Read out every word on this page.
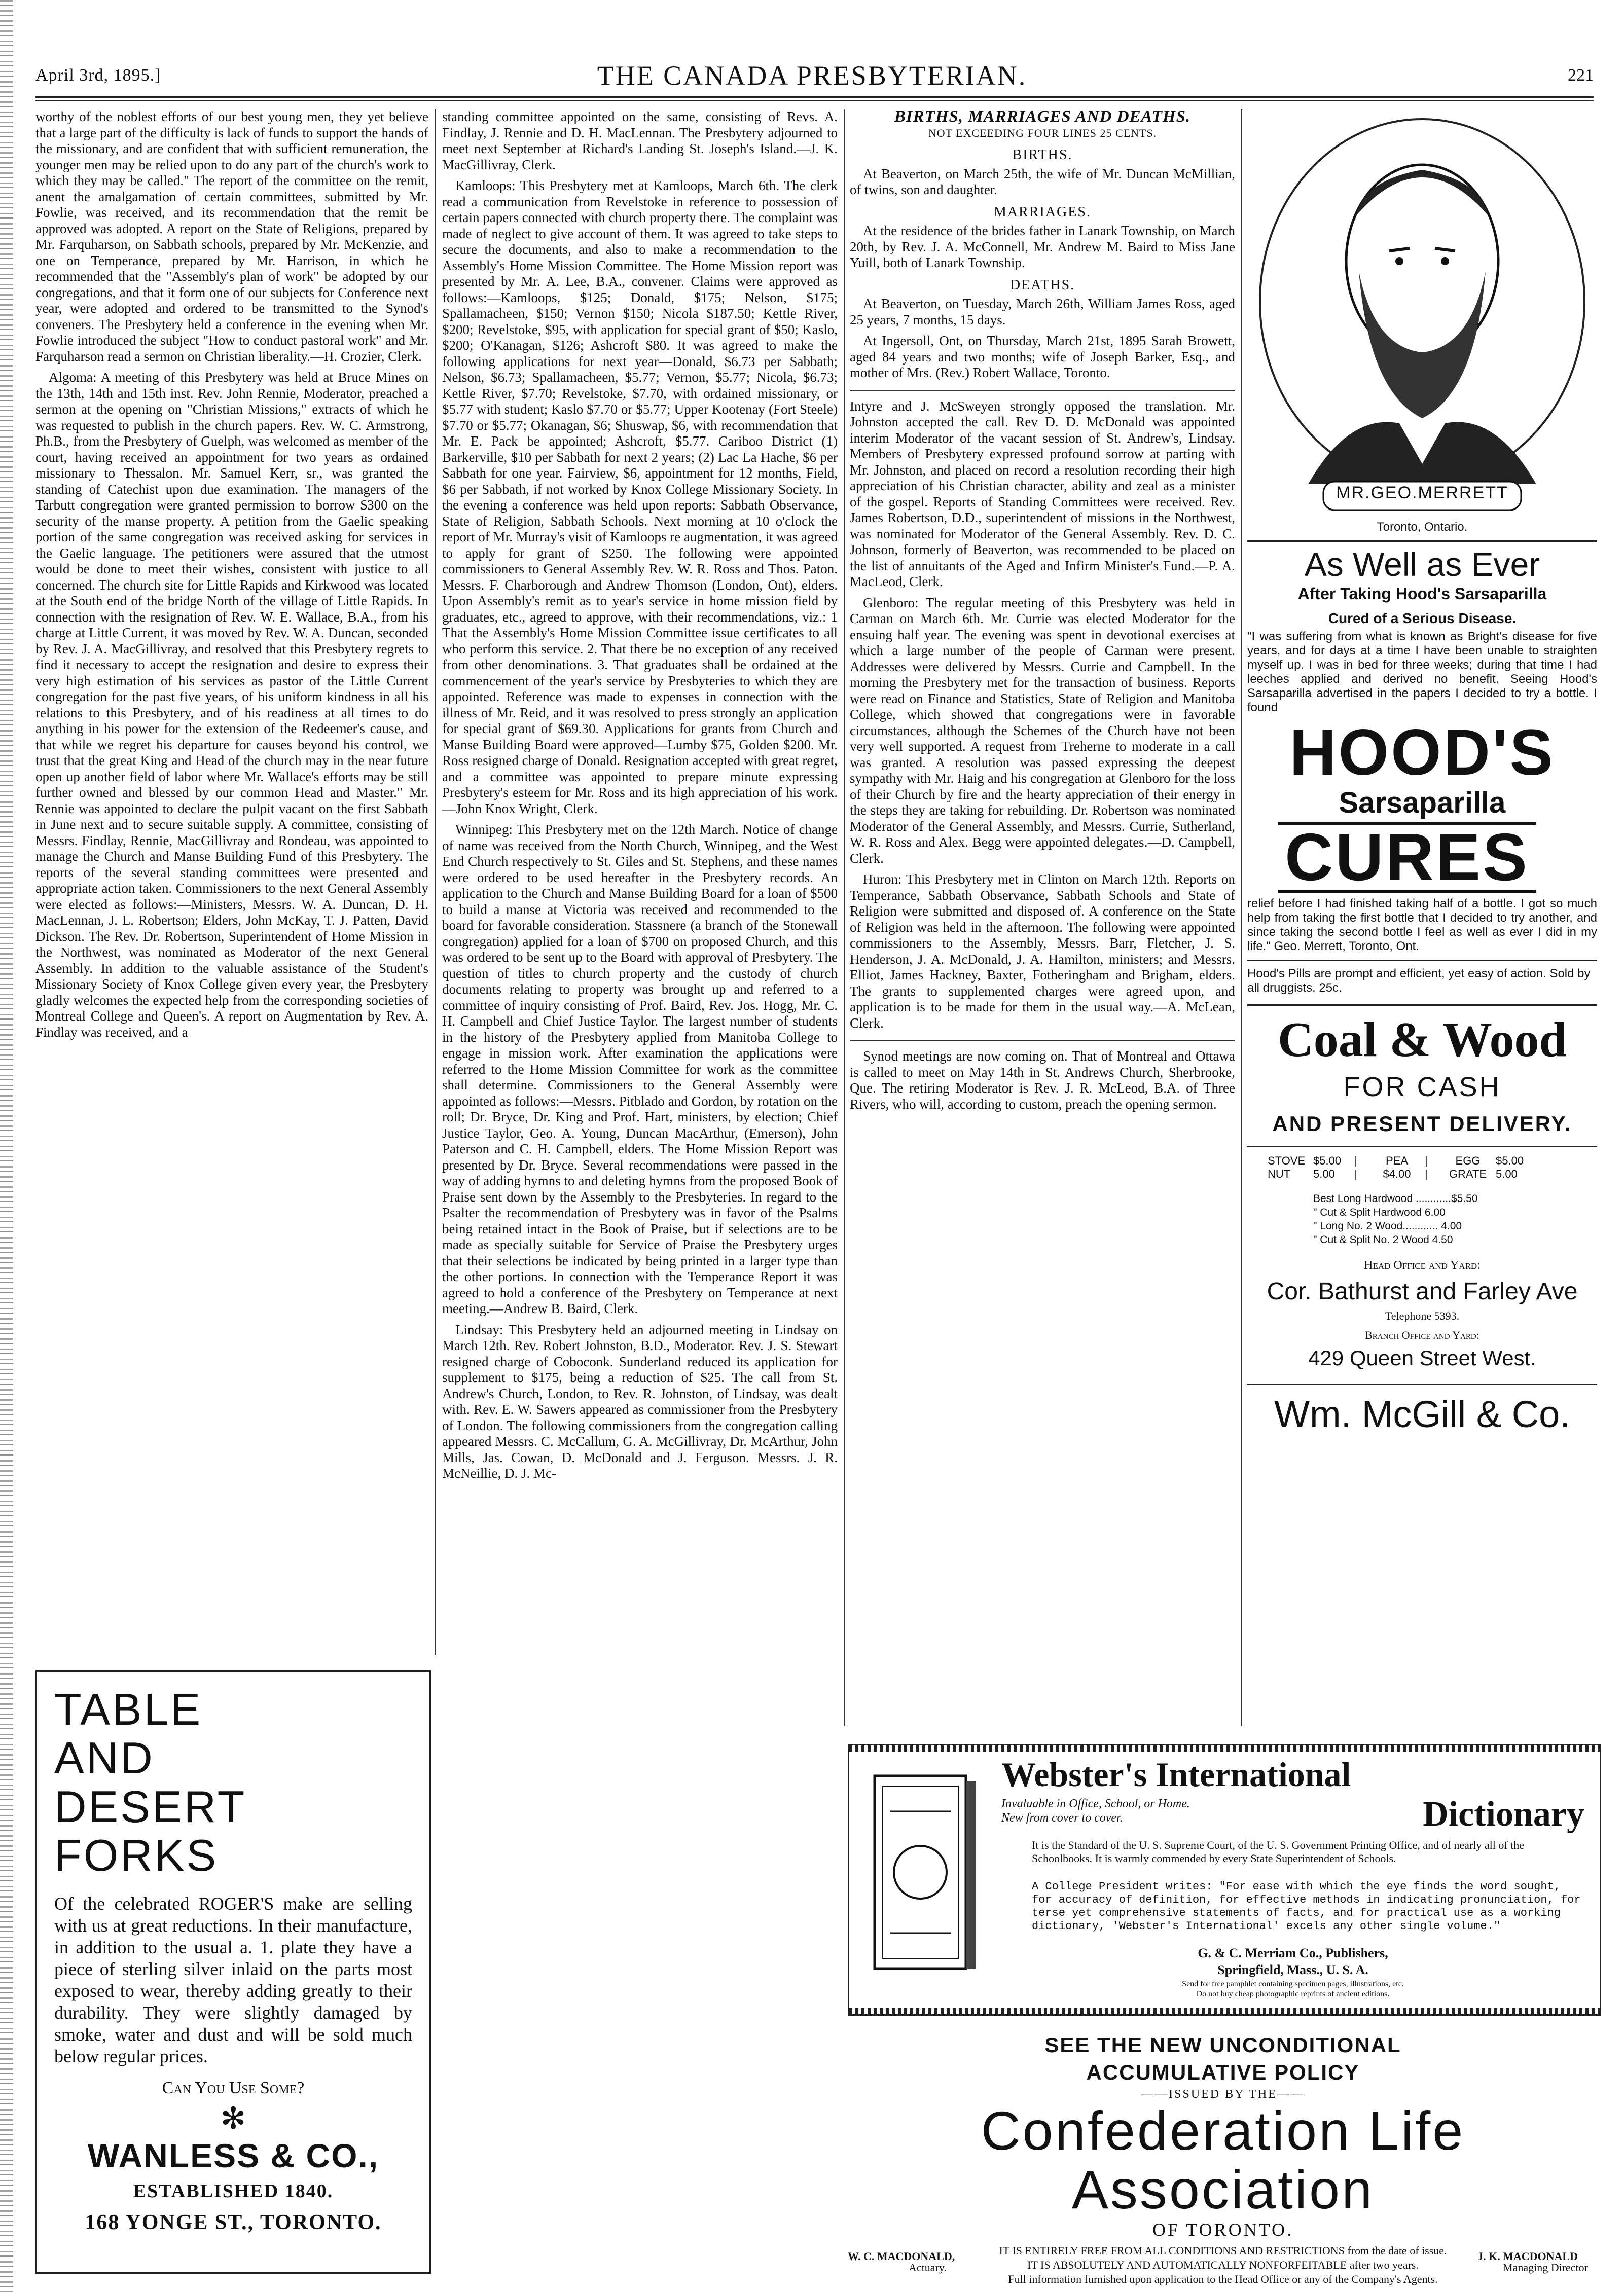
April 3rd, 1895.]	THE CANADA PRESBYTERIAN.	221

worthy of the noblest efforts of our best young men, they yet believe that a large part of the difficulty is lack of funds to support the hands of the missionary, and are confident that with sufficient remuneration, the younger men may be relied upon to do any part of the church's work to which they may be called." The report of the committee on the remit, anent the amalgamation of certain committees, submitted by Mr. Fowlie, was received, and its recommendation that the remit be approved was adopted. A report on the State of Religions, prepared by Mr. Farquharson, on Sabbath schools, prepared by Mr. McKenzie, and one on Temperance, prepared by Mr. Harrison, in which he recommended that the "Assembly's plan of work" be adopted by our congregations, and that it form one of our subjects for Conference next year, were adopted and ordered to be transmitted to the Synod's conveners. The Presbytery held a conference in the evening when Mr. Fowlie introduced the subject "How to conduct pastoral work" and Mr. Farquharson read a sermon on Christian liberality.—H. Crozier, Clerk.

Algoma: A meeting of this Presbytery was held at Bruce Mines on the 13th, 14th and 15th inst. Rev. John Rennie, Moderator, preached a sermon at the opening on "Christian Missions," extracts of which he was requested to publish in the church papers. Rev. W. C. Armstrong, Ph.B., from the Presbytery of Guelph, was welcomed as member of the court, having received an appointment for two years as ordained missionary to Thessalon. Mr. Samuel Kerr, sr., was granted the standing of Catechist upon due examination. The managers of the Tarbutt congregation were granted permission to borrow $300 on the security of the manse property. A petition from the Gaelic speaking portion of the same congregation was received asking for services in the Gaelic language. The petitioners were assured that the utmost would be done to meet their wishes, consistent with justice to all concerned. The church site for Little Rapids and Kirkwood was located at the South end of the bridge North of the village of Little Rapids. In connection with the resignation of Rev. W. E. Wallace, B.A., from his charge at Little Current, it was moved by Rev. W. A. Duncan, seconded by Rev. J. A. MacGillivray, and resolved that this Presbytery regrets to find it necessary to accept the resignation and desire to express their very high estimation of his services as pastor of the Little Current congregation for the past five years, of his uniform kindness in all his relations to this Presbytery, and of his readiness at all times to do anything in his power for the extension of the Redeemer's cause, and that while we regret his departure for causes beyond his control, we trust that the great King and Head of the church may in the near future open up another field of labor where Mr. Wallace's efforts may be still further owned and blessed by our common Head and Master." Mr. Rennie was appointed to declare the pulpit vacant on the first Sabbath in June next and to secure suitable supply. A committee, consisting of Messrs. Findlay, Rennie, MacGillivray and Rondeau, was appointed to manage the Church and Manse Building Fund of this Presbytery. The reports of the several standing committees were presented and appropriate action taken. Commissioners to the next General Assembly were elected as follows:—Ministers, Messrs. W. A. Duncan, D. H. MacLennan, J. L. Robertson; Elders, John McKay, T. J. Patten, David Dickson. The Rev. Dr. Robertson, Superintendent of Home Mission in the Northwest, was nominated as Moderator of the next General Assembly. In addition to the valuable assistance of the Student's Missionary Society of Knox College given every year, the Presbytery gladly welcomes the expected help from the corresponding societies of Montreal College and Queen's. A report on Augmentation by Rev. A. Findlay was received, and a

TABLE
AND
DESERT
FORKS
Of the celebrated ROGER'S make are selling with us at great reductions. In their manufacture, in addition to the usual a. 1. plate they have a piece of sterling silver inlaid on the parts most exposed to wear, thereby adding greatly to their durability. They were slightly damaged by smoke, water and dust and will be sold much below regular prices.
Can You Use Some?
✻
WANLESS & CO.,
ESTABLISHED 1840.
168 YONGE ST., TORONTO.

standing committee appointed on the same, consisting of Revs. A. Findlay, J. Rennie and D. H. MacLennan. The Presbytery adjourned to meet next September at Richard's Landing St. Joseph's Island.—J. K. MacGillivray, Clerk.

Kamloops: This Presbytery met at Kamloops, March 6th. The clerk read a communication from Revelstoke in reference to possession of certain papers connected with church property there. The complaint was made of neglect to give account of them. It was agreed to take steps to secure the documents, and also to make a recommendation to the Assembly's Home Mission Committee. The Home Mission report was presented by Mr. A. Lee, B.A., convener. Claims were approved as follows:—Kamloops, $125; Donald, $175; Nelson, $175; Spallamacheen, $150; Vernon $150; Nicola $187.50; Kettle River, $200; Revelstoke, $95, with application for special grant of $50; Kaslo, $200; O'Kanagan, $126; Ashcroft $80. It was agreed to make the following applications for next year—Donald, $6.73 per Sabbath; Nelson, $6.73; Spallamacheen, $5.77; Vernon, $5.77; Nicola, $6.73; Kettle River, $7.70; Revelstoke, $7.70, with ordained missionary, or $5.77 with student; Kaslo $7.70 or $5.77; Upper Kootenay (Fort Steele) $7.70 or $5.77; Okanagan, $6; Shuswap, $6, with recommendation that Mr. E. Pack be appointed; Ashcroft, $5.77. Cariboo District (1) Barkerville, $10 per Sabbath for next 2 years; (2) Lac La Hache, $6 per Sabbath for one year. Fairview, $6, appointment for 12 months, Field, $6 per Sabbath, if not worked by Knox College Missionary Society. In the evening a conference was held upon reports: Sabbath Observance, State of Religion, Sabbath Schools. Next morning at 10 o'clock the report of Mr. Murray's visit of Kamloops re augmentation, it was agreed to apply for grant of $250. The following were appointed commissioners to General Assembly Rev. W. R. Ross and Thos. Paton. Messrs. F. Charborough and Andrew Thomson (London, Ont), elders. Upon Assembly's remit as to year's service in home mission field by graduates, etc., agreed to approve, with their recommendations, viz.: 1 That the Assembly's Home Mission Committee issue certificates to all who perform this service. 2. That there be no exception of any received from other denominations. 3. That graduates shall be ordained at the commencement of the year's service by Presbyteries to which they are appointed. Reference was made to expenses in connection with the illness of Mr. Reid, and it was resolved to press strongly an application for special grant of $69.30. Applications for grants from Church and Manse Building Board were approved—Lumby $75, Golden $200. Mr. Ross resigned charge of Donald. Resignation accepted with great regret, and a committee was appointed to prepare minute expressing Presbytery's esteem for Mr. Ross and its high appreciation of his work.—John Knox Wright, Clerk.

Winnipeg: This Presbytery met on the 12th March. Notice of change of name was received from the North Church, Winnipeg, and the West End Church respectively to St. Giles and St. Stephens, and these names were ordered to be used hereafter in the Presbytery records. An application to the Church and Manse Building Board for a loan of $500 to build a manse at Victoria was received and recommended to the board for favorable consideration. Stassnere (a branch of the Stonewall congregation) applied for a loan of $700 on proposed Church, and this was ordered to be sent up to the Board with approval of Presbytery. The question of titles to church property and the custody of church documents relating to property was brought up and referred to a committee of inquiry consisting of Prof. Baird, Rev. Jos. Hogg, Mr. C. H. Campbell and Chief Justice Taylor. The largest number of students in the history of the Presbytery applied from Manitoba College to engage in mission work. After examination the applications were referred to the Home Mission Committee for work as the committee shall determine. Commissioners to the General Assembly were appointed as follows:—Messrs. Pitblado and Gordon, by rotation on the roll; Dr. Bryce, Dr. King and Prof. Hart, ministers, by election; Chief Justice Taylor, Geo. A. Young, Duncan MacArthur, (Emerson), John Paterson and C. H. Campbell, elders. The Home Mission Report was presented by Dr. Bryce. Several recommendations were passed in the way of adding hymns to and deleting hymns from the proposed Book of Praise sent down by the Assembly to the Presbyteries. In regard to the Psalter the recommendation of Presbytery was in favor of the Psalms being retained intact in the Book of Praise, but if selections are to be made as specially suitable for Service of Praise the Presbytery urges that their selections be indicated by being printed in a larger type than the other portions. In connection with the Temperance Report it was agreed to hold a conference of the Presbytery on Temperance at next meeting.—Andrew B. Baird, Clerk.

Lindsay: This Presbytery held an adjourned meeting in Lindsay on March 12th. Rev. Robert Johnston, B.D., Moderator. Rev. J. S. Stewart resigned charge of Coboconk. Sunderland reduced its application for supplement to $175, being a reduction of $25. The call from St. Andrew's Church, London, to Rev. R. Johnston, of Lindsay, was dealt with. Rev. E. W. Sawers appeared as commissioner from the Presbytery of London. The following commissioners from the congregation calling appeared Messrs. C. McCallum, G. A. McGillivray, Dr. McArthur, John Mills, Jas. Cowan, D. McDonald and J. Ferguson. Messrs. J. R. McNeillie, D. J. Mc-

BIRTHS, MARRIAGES AND DEATHS.
NOT EXCEEDING FOUR LINES 25 CENTS.
BIRTHS.

At Beaverton, on March 25th, the wife of Mr. Duncan McMillian, of twins, son and daughter.

MARRIAGES.

At the residence of the brides father in Lanark Township, on March 20th, by Rev. J. A. McConnell, Mr. Andrew M. Baird to Miss Jane Yuill, both of Lanark Township.

DEATHS.

At Beaverton, on Tuesday, March 26th, William James Ross, aged 25 years, 7 months, 15 days.

At Ingersoll, Ont, on Thursday, March 21st, 1895 Sarah Browett, aged 84 years and two months; wife of Joseph Barker, Esq., and mother of Mrs. (Rev.) Robert Wallace, Toronto.

Intyre and J. McSweyen strongly opposed the translation. Mr. Johnston accepted the call. Rev D. D. McDonald was appointed interim Moderator of the vacant session of St. Andrew's, Lindsay. Members of Presbytery expressed profound sorrow at parting with Mr. Johnston, and placed on record a resolution recording their high appreciation of his Christian character, ability and zeal as a minister of the gospel. Reports of Standing Committees were received. Rev. James Robertson, D.D., superintendent of missions in the Northwest, was nominated for Moderator of the General Assembly. Rev. D. C. Johnson, formerly of Beaverton, was recommended to be placed on the list of annuitants of the Aged and Infirm Minister's Fund.—P. A. MacLeod, Clerk.

Glenboro: The regular meeting of this Presbytery was held in Carman on March 6th. Mr. Currie was elected Moderator for the ensuing half year. The evening was spent in devotional exercises at which a large number of the people of Carman were present. Addresses were delivered by Messrs. Currie and Campbell. In the morning the Presbytery met for the transaction of business. Reports were read on Finance and Statistics, State of Religion and Manitoba College, which showed that congregations were in favorable circumstances, although the Schemes of the Church have not been very well supported. A request from Treherne to moderate in a call was granted. A resolution was passed expressing the deepest sympathy with Mr. Haig and his congregation at Glenboro for the loss of their Church by fire and the hearty appreciation of their energy in the steps they are taking for rebuilding. Dr. Robertson was nominated Moderator of the General Assembly, and Messrs. Currie, Sutherland, W. R. Ross and Alex. Begg were appointed delegates.—D. Campbell, Clerk.

Huron: This Presbytery met in Clinton on March 12th. Reports on Temperance, Sabbath Observance, Sabbath Schools and State of Religion were submitted and disposed of. A conference on the State of Religion was held in the afternoon. The following were appointed commissioners to the Assembly, Messrs. Barr, Fletcher, J. S. Henderson, J. A. McDonald, J. A. Hamilton, ministers; and Messrs. Elliot, James Hackney, Baxter, Fotheringham and Brigham, elders. The grants to supplemented charges were agreed upon, and application is to be made for them in the usual way.—A. McLean, Clerk.

Synod meetings are now coming on. That of Montreal and Ottawa is called to meet on May 14th in St. Andrews Church, Sherbrooke, Que. The retiring Moderator is Rev. J. R. McLeod, B.A. of Three Rivers, who will, according to custom, preach the opening sermon.

MR.GEO.MERRETT
Toronto, Ontario.
As Well as Ever
After Taking Hood's Sarsaparilla
Cured of a Serious Disease.
"I was suffering from what is known as Bright's disease for five years, and for days at a time I have been unable to straighten myself up. I was in bed for three weeks; during that time I had leeches applied and derived no benefit. Seeing Hood's Sarsaparilla advertised in the papers I decided to try a bottle. I found
HOOD'S
Sarsaparilla
CURES
relief before I had finished taking half of a bottle. I got so much help from taking the first bottle that I decided to try another, and since taking the second bottle I feel as well as ever I did in my life." Geo. Merrett, Toronto, Ont.
Hood's Pills are prompt and efficient, yet easy of action. Sold by all druggists. 25c.
Coal & Wood
FOR CASH
AND PRESENT DELIVERY.
STOVE $5.00	|	PEA	|	EGG	$5.00
NUT	5.00	|	$4.00	|	GRATE 5.00
Best Long Hardwood ............$5.50
" Cut & Split Hardwood 6.00
" Long No. 2 Wood............ 4.00
" Cut & Split No. 2 Wood 4.50
Head Office and Yard:
Cor. Bathurst and Farley Ave
Telephone 5393.
Branch Office and Yard:
429 Queen Street West.
Wm. McGill & Co.
Webster's International
Invaluable in Office, School, or Home.
New from cover to cover.	Dictionary
It is the Standard of the U. S. Supreme Court, of the U. S. Government Printing Office, and of nearly all of the Schoolbooks. It is warmly commended by every State Superintendent of Schools.
A College President writes: "For ease with which the eye finds the word sought, for accuracy of definition, for effective methods in indicating pronunciation, for terse yet comprehensive statements of facts, and for practical use as a working dictionary, 'Webster's International' excels any other single volume."
G. & C. Merriam Co., Publishers,
Springfield, Mass., U. S. A.
Send for free pamphlet containing specimen pages, illustrations, etc.
Do not buy cheap photographic reprints of ancient editions.
SEE THE NEW UNCONDITIONAL
ACCUMULATIVE POLICY
——ISSUED BY THE——
Confederation Life Association
OF TORONTO.
IT IS ENTIRELY FREE FROM ALL CONDITIONS AND RESTRICTIONS from the date of issue.
IT IS ABSOLUTELY AND AUTOMATICALLY NONFORFEITABLE after two years.
Full information furnished upon application to the Head Office or any of the Company's Agents.
W. C. MACDONALD,
Actuary.
J. K. MACDONALD
Managing Director
